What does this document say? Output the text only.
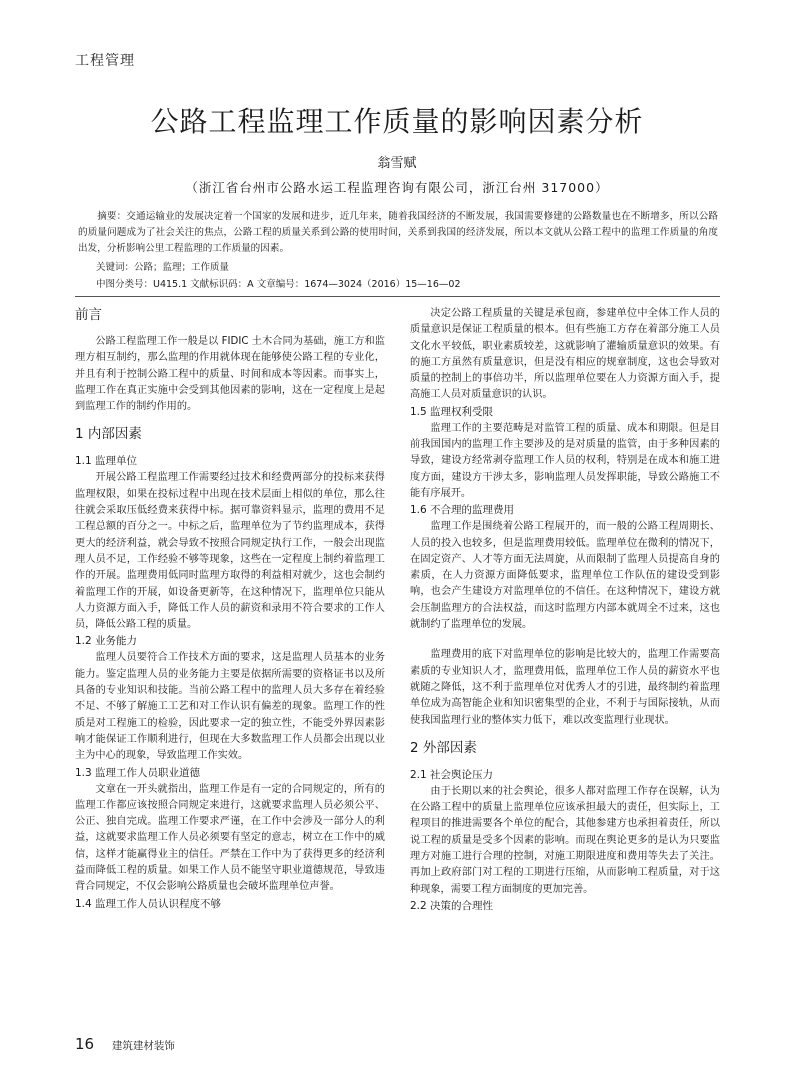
工程管理
公路工程监理工作质量的影响因素分析
翁雪赋
（浙江省台州市公路水运工程监理咨询有限公司，浙江台州 317000）
摘要：交通运输业的发展决定着一个国家的发展和进步，近几年来，随着我国经济的不断发展，我国需要修建的公路数量也在不断增多，所以公路的质量问题成为了社会关注的焦点，公路工程的质量关系到公路的使用时间，关系到我国的经济发展，所以本文就从公路工程中的监理工作质量的角度出发，分析影响公里工程监理的工作质量的因素。
关键词：公路；监理；工作质量
中图分类号：U415.1 文献标识码：A 文章编号：1674—3024（2016）15—16—02
前言

公路工程监理工作一般是以 FIDIC 土木合同为基础，施工方和监理方相互制约，那么监理的作用就体现在能够使公路工程的专业化，并且有利于控制公路工程中的质量、时间和成本等因素。而事实上，监理工作在真正实施中会受到其他因素的影响，这在一定程度上是起到监理工作的制约作用的。

1 内部因素
1.1 监理单位

开展公路工程监理工作需要经过技术和经费两部分的投标来获得监理权限，如果在投标过程中出现在技术层面上相似的单位，那么往往就会采取压低经费来获得中标。据可靠资料显示，监理的费用不足工程总额的百分之一。中标之后，监理单位为了节约监理成本，获得更大的经济利益，就会导致不按照合同规定执行工作，一般会出现监理人员不足，工作经验不够等现象，这些在一定程度上制约着监理工作的开展。监理费用低同时监理方取得的利益相对就少，这也会制约着监理工作的开展，如设备更新等，在这种情况下，监理单位只能从人力资源方面入手，降低工作人员的薪资和录用不符合要求的工作人员，降低公路工程的质量。

1.2 业务能力

监理人员要符合工作技术方面的要求，这是监理人员基本的业务能力。鉴定监理人员的业务能力主要是依据所需要的资格证书以及所具备的专业知识和技能。当前公路工程中的监理人员大多存在着经验不足、不够了解施工工艺和对工作认识有偏差的现象。监理工作的性质是对工程施工的检验，因此要求一定的独立性，不能受外界因素影响才能保证工作顺利进行，但现在大多数监理工作人员都会出现以业主为中心的现象，导致监理工作实效。

1.3 监理工作人员职业道德

文章在一开头就指出，监理工作是有一定的合同规定的，所有的监理工作都应该按照合同规定来进行，这就要求监理人员必须公平、公正、独自完成。监理工作要求严谨，在工作中会涉及一部分人的利益，这就要求监理工作人员必须要有坚定的意志，树立在工作中的威信，这样才能赢得业主的信任。严禁在工作中为了获得更多的经济利益而降低工程的质量。如果工作人员不能坚守职业道德规范，导致违背合同规定，不仅会影响公路质量也会破坏监理单位声誉。

1.4 监理工作人员认识程度不够

决定公路工程质量的关键是承包商，参建单位中全体工作人员的质量意识是保证工程质量的根本。但有些施工方存在着部分施工人员文化水平较低，职业素质较差，这就影响了灌输质量意识的效果。有的施工方虽然有质量意识，但是没有相应的规章制度，这也会导致对质量的控制上的事倍功半，所以监理单位要在人力资源方面入手，提高施工人员对质量意识的认识。

1.5 监理权利受限

监理工作的主要范畴是对监管工程的质量、成本和期限。但是目前我国国内的监理工作主要涉及的是对质量的监管，由于多种因素的导致，建设方经常剥夺监理工作人员的权利，特别是在成本和施工进度方面，建设方干涉太多，影响监理人员发挥职能，导致公路施工不能有序展开。

1.6 不合理的监理费用

监理工作是围绕着公路工程展开的，而一般的公路工程周期长、人员的投入也较多，但是监理费用较低。监理单位在微利的情况下，在固定资产、人才等方面无法周旋，从而限制了监理人员提高自身的素质，在人力资源方面降低要求，监理单位工作队伍的建设受到影响，也会产生建设方对监理单位的不信任。在这种情况下，建设方就会压制监理方的合法权益，而这时监理方内部本就周全不过来，这也就制约了监理单位的发展。

监理费用的底下对监理单位的影响是比较大的，监理工作需要高素质的专业知识人才，监理费用低，监理单位工作人员的薪资水平也就随之降低，这不利于监理单位对优秀人才的引进，最终制约着监理单位成为高智能企业和知识密集型的企业，不利于与国际接轨，从而使我国监理行业的整体实力低下，难以改变监理行业现状。

2 外部因素
2.1 社会舆论压力

由于长期以来的社会舆论，很多人都对监理工作存在误解，认为在公路工程中的质量上监理单位应该承担最大的责任，但实际上，工程项目的推进需要各个单位的配合，其他参建方也承担着责任，所以说工程的质量是受多个因素的影响。而现在舆论更多的是认为只要监理方对施工进行合理的控制，对施工期限进度和费用等失去了关注。再加上政府部门对工程的工期进行压缩，从而影响工程质量，对于这种现象，需要工程方面制度的更加完善。

2.2 决策的合理性
16 建筑建材装饰
